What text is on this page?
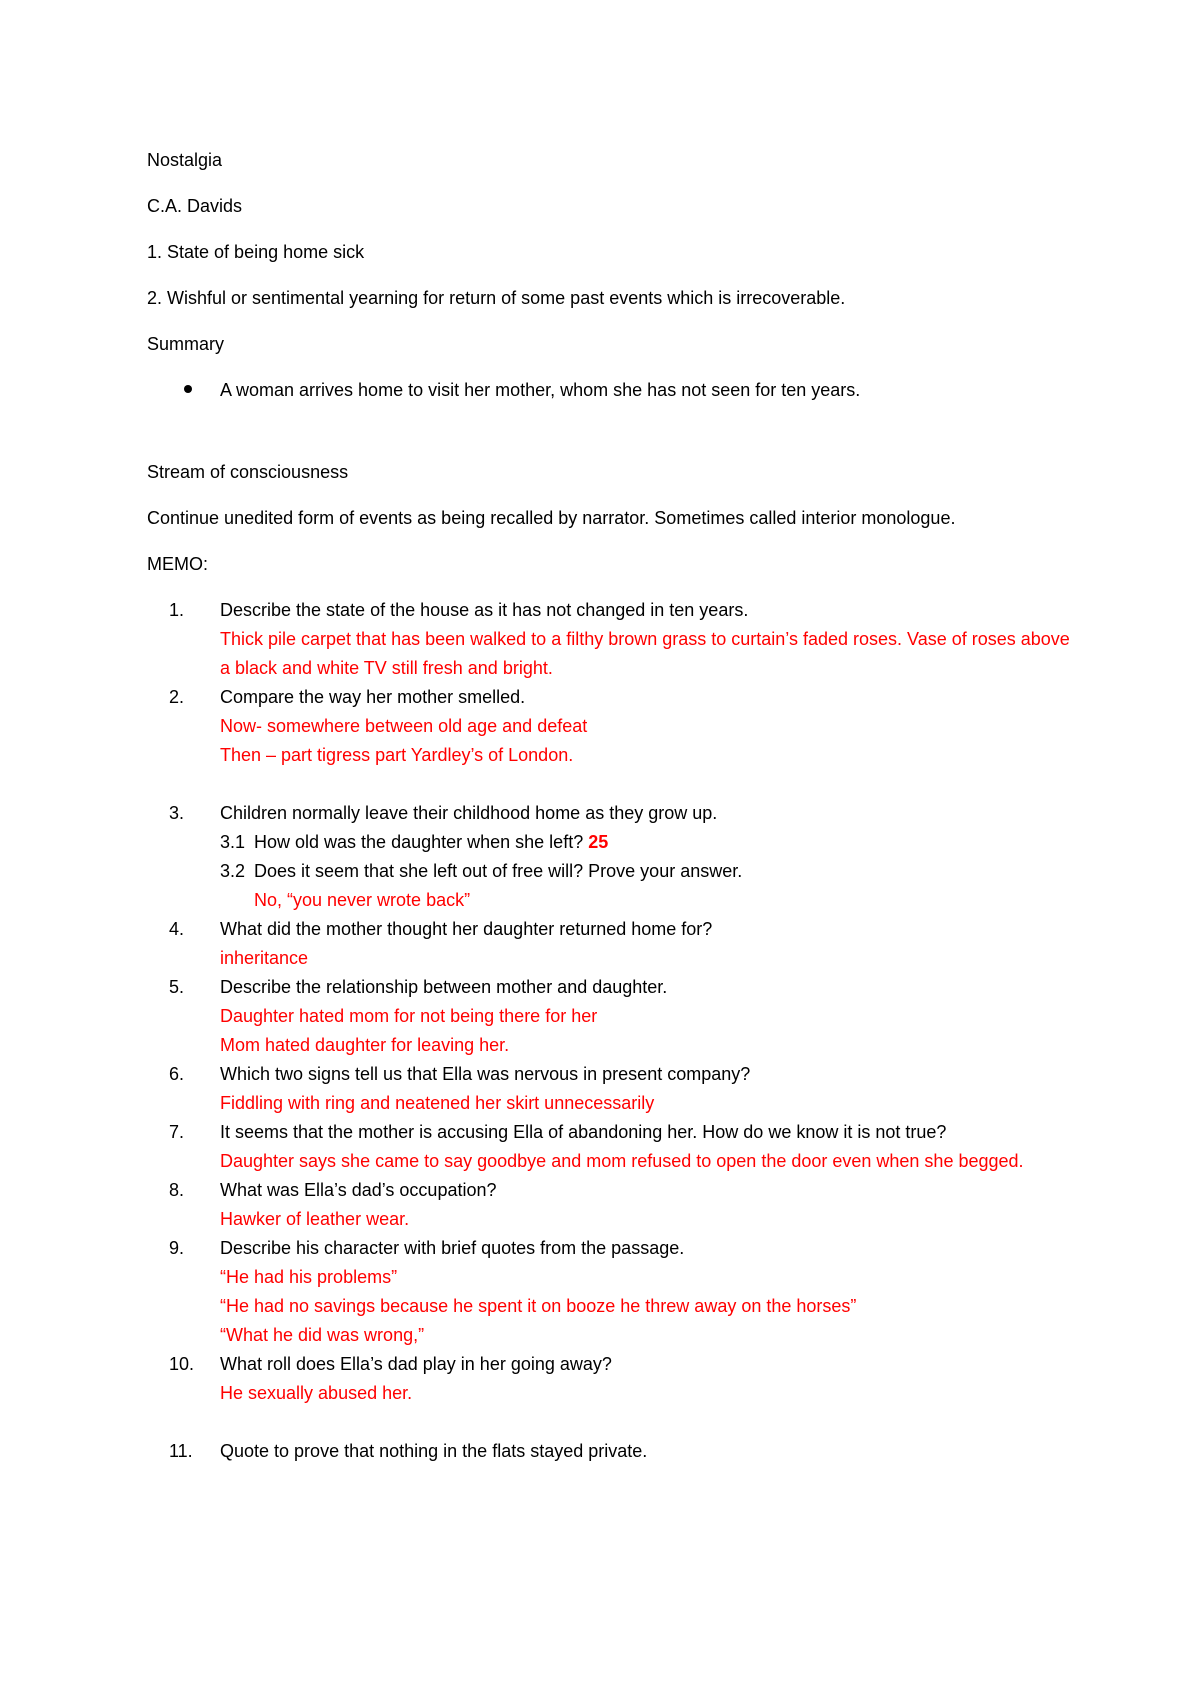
Nostalgia

C.A. Davids

1. State of being home sick

2. Wishful or sentimental yearning for return of some past events which is irrecoverable.

Summary

A woman arrives home to visit her mother, whom she has not seen for ten years.

Stream of consciousness

Continue unedited form of events as being recalled by narrator. Sometimes called interior monologue.

MEMO:

1.	Describe the state of the house as it has not changed in ten years.
Thick pile carpet that has been walked to a filthy brown grass to curtain’s faded roses. Vase of roses above a black and white TV still fresh and bright.
2.	Compare the way her mother smelled.
Now- somewhere between old age and defeat
Then – part tigress part Yardley’s of London.
3.	Children normally leave their childhood home as they grow up.
3.1 How old was the daughter when she left? 25
3.2 Does it seem that she left out of free will? Prove your answer.
No, “you never wrote back”
4.	What did the mother thought her daughter returned home for?
inheritance
5.	Describe the relationship between mother and daughter.
Daughter hated mom for not being there for her
Mom hated daughter for leaving her.
6.	Which two signs tell us that Ella was nervous in present company?
Fiddling with ring and neatened her skirt unnecessarily
7.	It seems that the mother is accusing Ella of abandoning her. How do we know it is not true?
Daughter says she came to say goodbye and mom refused to open the door even when she begged.
8.	What was Ella’s dad’s occupation?
Hawker of leather wear.
9.	Describe his character with brief quotes from the passage.
“He had his problems”
“He had no savings because he spent it on booze he threw away on the horses”
“What he did was wrong,”
10.	What roll does Ella’s dad play in her going away?
He sexually abused her.
11.	Quote to prove that nothing in the flats stayed private.
